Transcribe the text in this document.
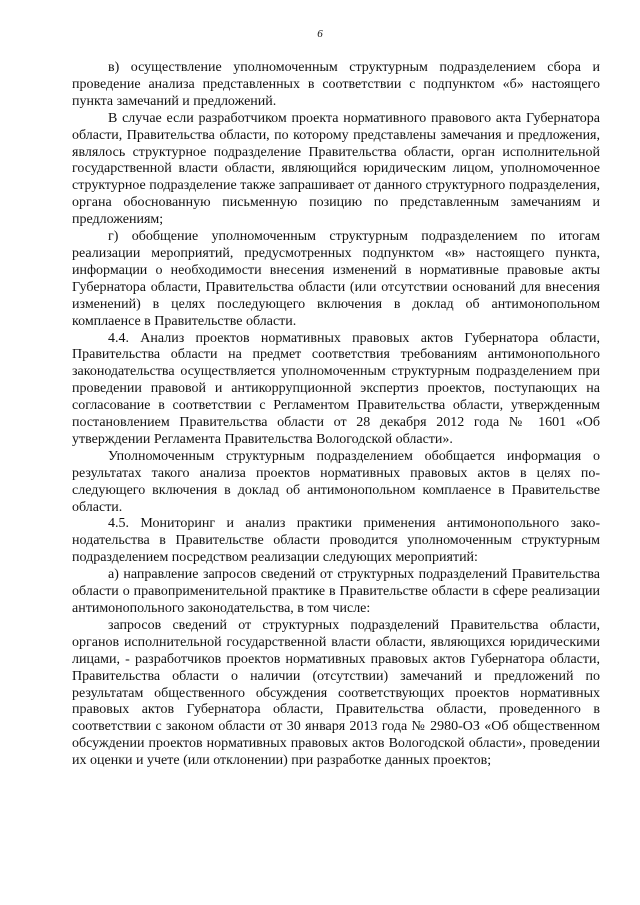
6

в) осуществление уполномоченным структурным подразделением сбора и проведение анализа представленных в соответствии с подпунктом «б» настоящего пункта замечаний и предложений.

В случае если разработчиком проекта нормативного правового акта Губернатора области, Правительства области, по которому представлены замечания и предложения, являлось структурное подразделение Правительства области, орган исполнительной государственной власти области, являющийся юридическим лицом, уполномоченное структурное подразделение также запрашивает от данного структурного подразделения, органа обоснованную письменную позицию по представленным замечаниям и предложениям;

г) обобщение уполномоченным структурным подразделением по итогам реализации мероприятий, предусмотренных подпунктом «в» настоящего пункта, информации о необходимости внесения изменений в нормативные правовые акты Губернатора области, Правительства области (или отсутствии оснований для внесения изменений) в целях последующего включения в доклад об антимонопольном комплаенсе в Правительстве области.

4.4. Анализ проектов нормативных правовых актов Губернатора области, Правительства области на предмет соответствия требованиям антимонопольного законодательства осуществляется уполномоченным структурным подразделением при проведении правовой и антикоррупционной экспертиз проектов, поступающих на согласование в соответствии с Регламентом Правительства области, утвержденным постановлением Правительства области от 28 декабря 2012 года № 1601 «Об утверждении Регламента Правительства Вологодской области».

Уполномоченным структурным подразделением обобщается информация о результатах такого анализа проектов нормативных правовых актов в целях последующего включения в доклад об антимонопольном комплаенсе в Правительстве области.

4.5. Мониторинг и анализ практики применения антимонопольного законодательства в Правительстве области проводится уполномоченным структурным подразделением посредством реализации следующих мероприятий:

а) направление запросов сведений от структурных подразделений Правительства области о правоприменительной практике в Правительстве области в сфере реализации антимонопольного законодательства, в том числе:

запросов сведений от структурных подразделений Правительства области, органов исполнительной государственной власти области, являющихся юридическими лицами, - разработчиков проектов нормативных правовых актов Губернатора области, Правительства области о наличии (отсутствии) замечаний и предложений по результатам общественного обсуждения соответствующих проектов нормативных правовых актов Губернатора области, Правительства области, проведенного в соответствии с законом области от 30 января 2013 года № 2980-ОЗ «Об общественном обсуждении проектов нормативных правовых актов Вологодской области», проведении их оценки и учете (или отклонении) при разработке данных проектов;
